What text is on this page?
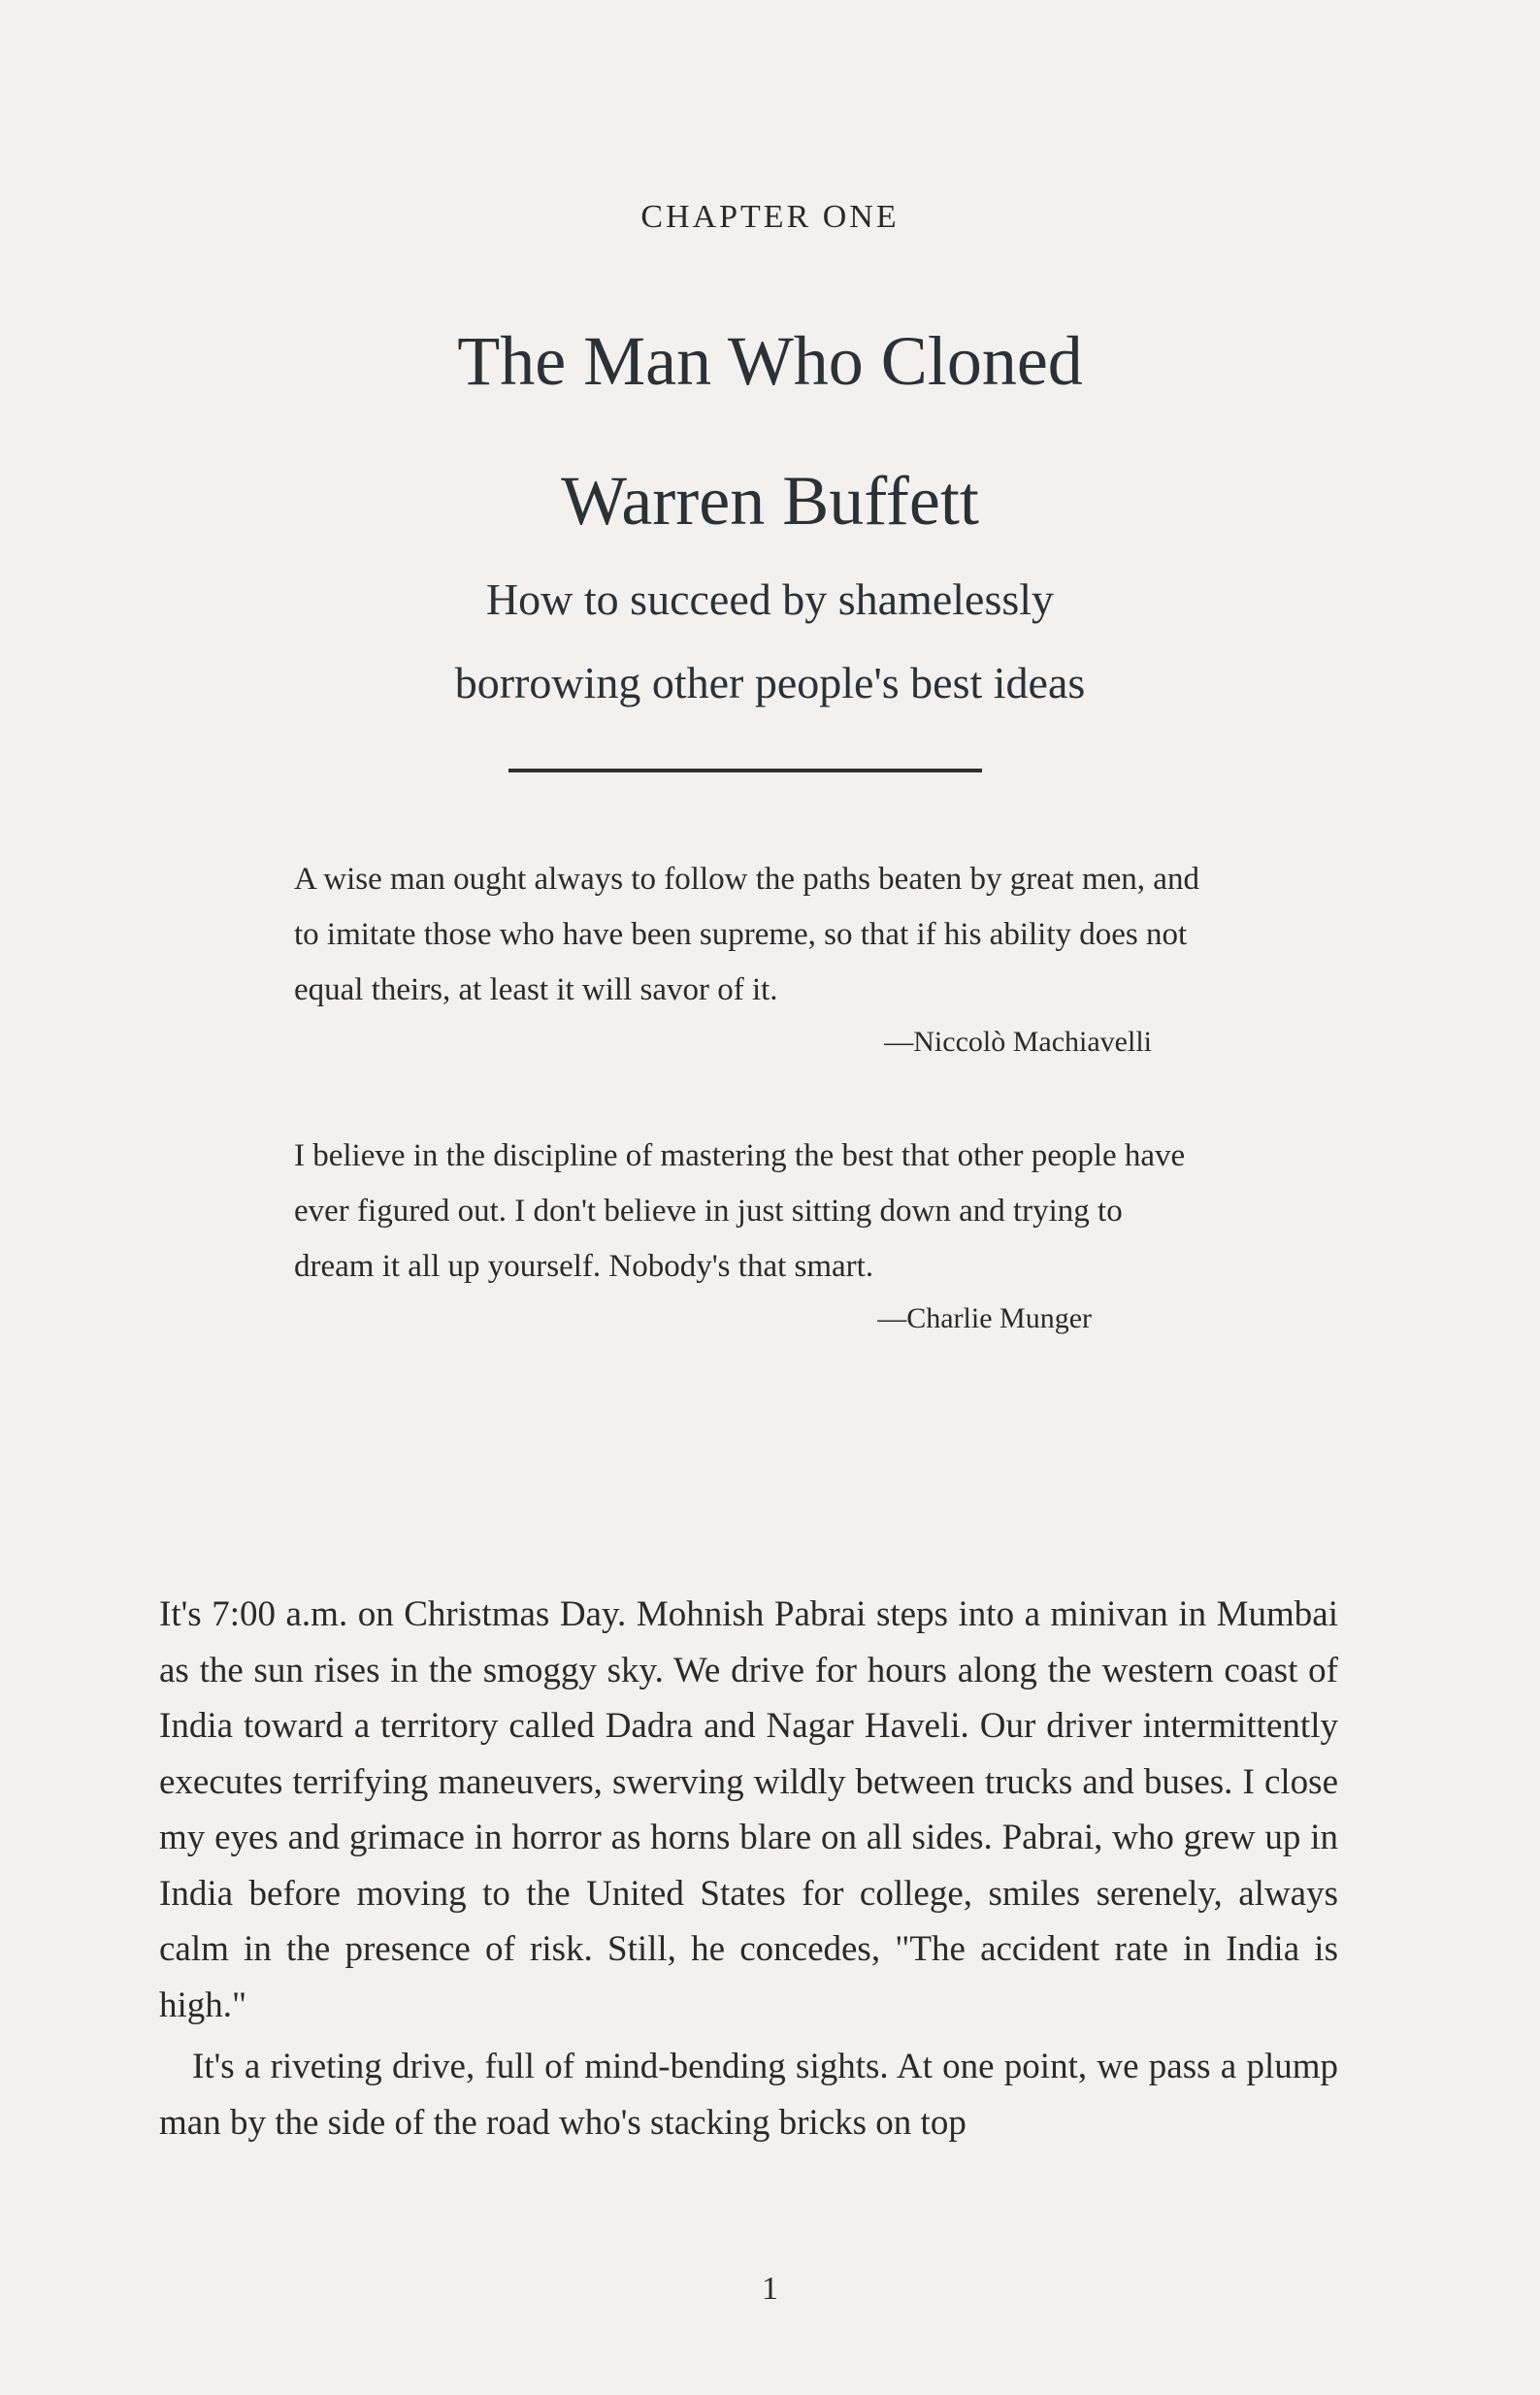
CHAPTER ONE
The Man Who Cloned
Warren Buffett
How to succeed by shamelessly
borrowing other people's best ideas

A wise man ought always to follow the paths beaten by great men, and to imitate those who have been supreme, so that if his ability does not equal theirs, at least it will savor of it.

—Niccolò Machiavelli

I believe in the discipline of mastering the best that other people have ever figured out. I don't believe in just sitting down and trying to dream it all up yourself. Nobody's that smart.

—Charlie Munger

It's 7:00 a.m. on Christmas Day. Mohnish Pabrai steps into a minivan in Mumbai as the sun rises in the smoggy sky. We drive for hours along the western coast of India toward a territory called Dadra and Nagar Haveli. Our driver intermittently executes terrifying maneuvers, swerving wildly between trucks and buses. I close my eyes and grimace in horror as horns blare on all sides. Pabrai, who grew up in India before moving to the United States for college, smiles serenely, always calm in the presence of risk. Still, he concedes, "The accident rate in India is high."

It's a riveting drive, full of mind-bending sights. At one point, we pass a plump man by the side of the road who's stacking bricks on top

1
